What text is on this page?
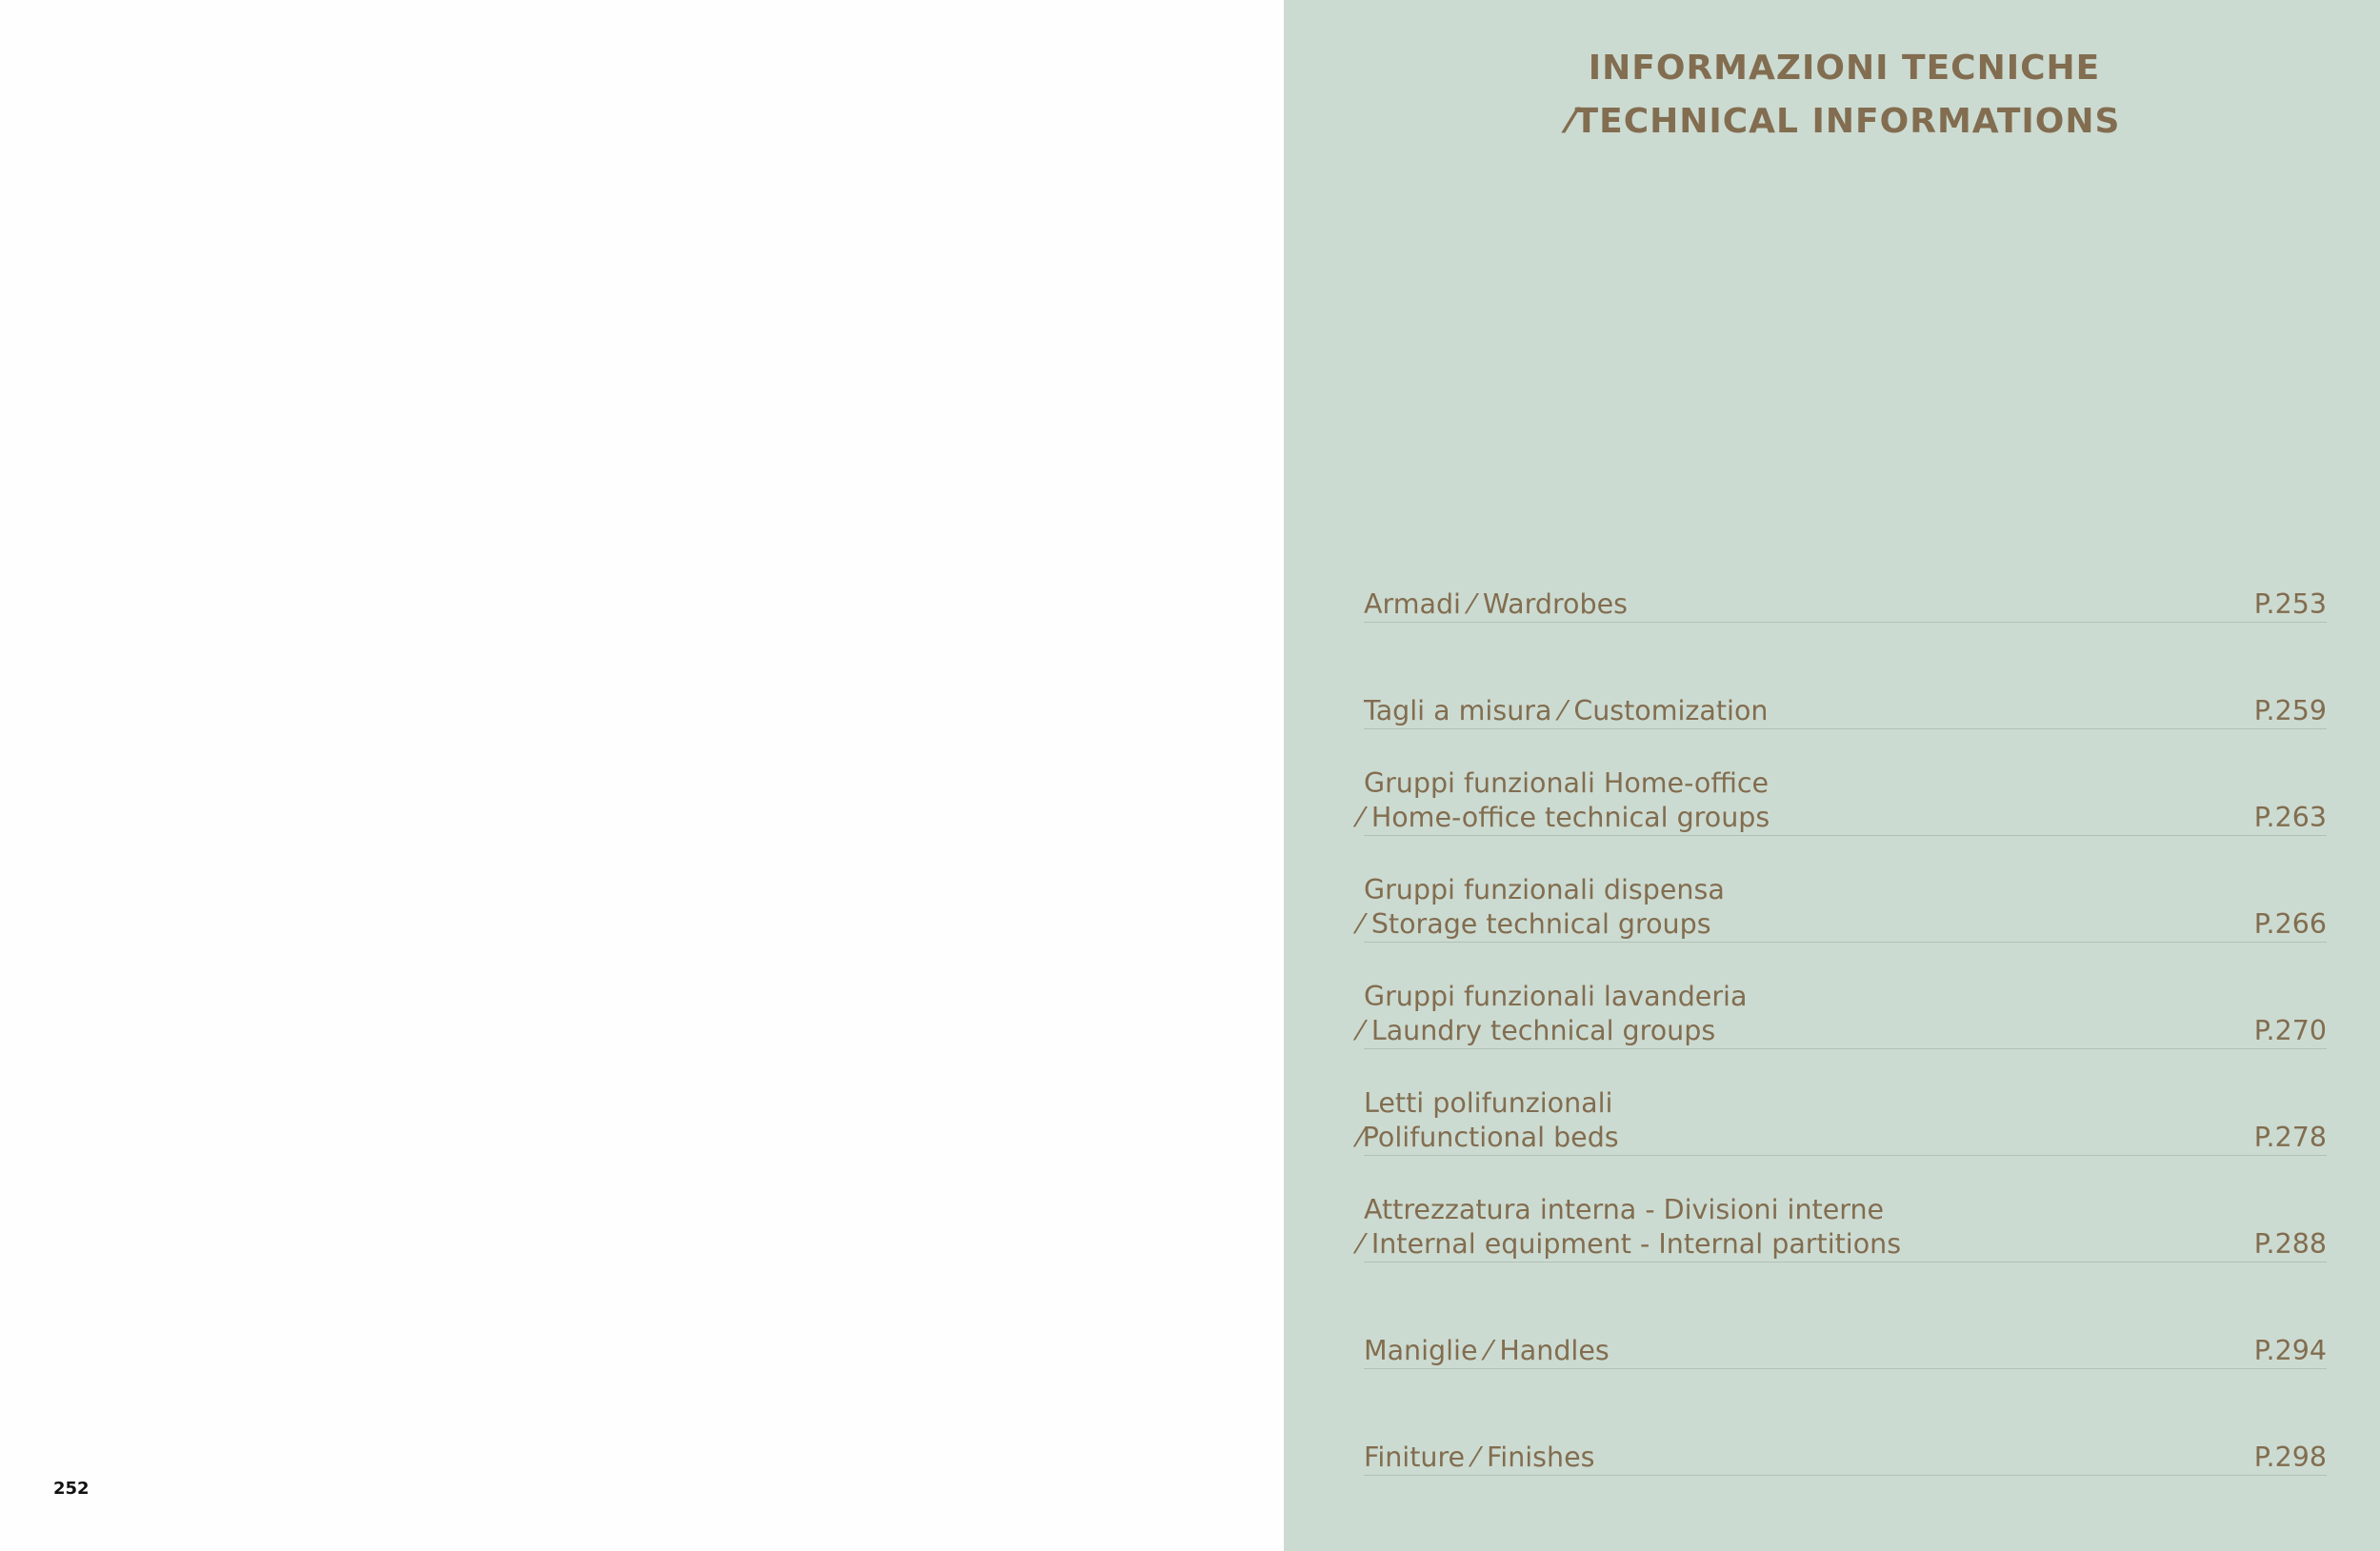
252
INFORMAZIONI TECNICHE
⁄TECHNICAL INFORMATIONS
Armadi ⁄ Wardrobes	P.253
Tagli a misura ⁄ Customization	P.259
Gruppi funzionali Home-office
⁄ Home-office technical groups	P.263
Gruppi funzionali dispensa
⁄ Storage technical groups	P.266
Gruppi funzionali lavanderia
⁄ Laundry technical groups	P.270
Letti polifunzionali
⁄Polifunctional beds	P.278
Attrezzatura interna - Divisioni interne
⁄ Internal equipment - Internal partitions	P.288
Maniglie ⁄ Handles	P.294
Finiture ⁄ Finishes	P.298
